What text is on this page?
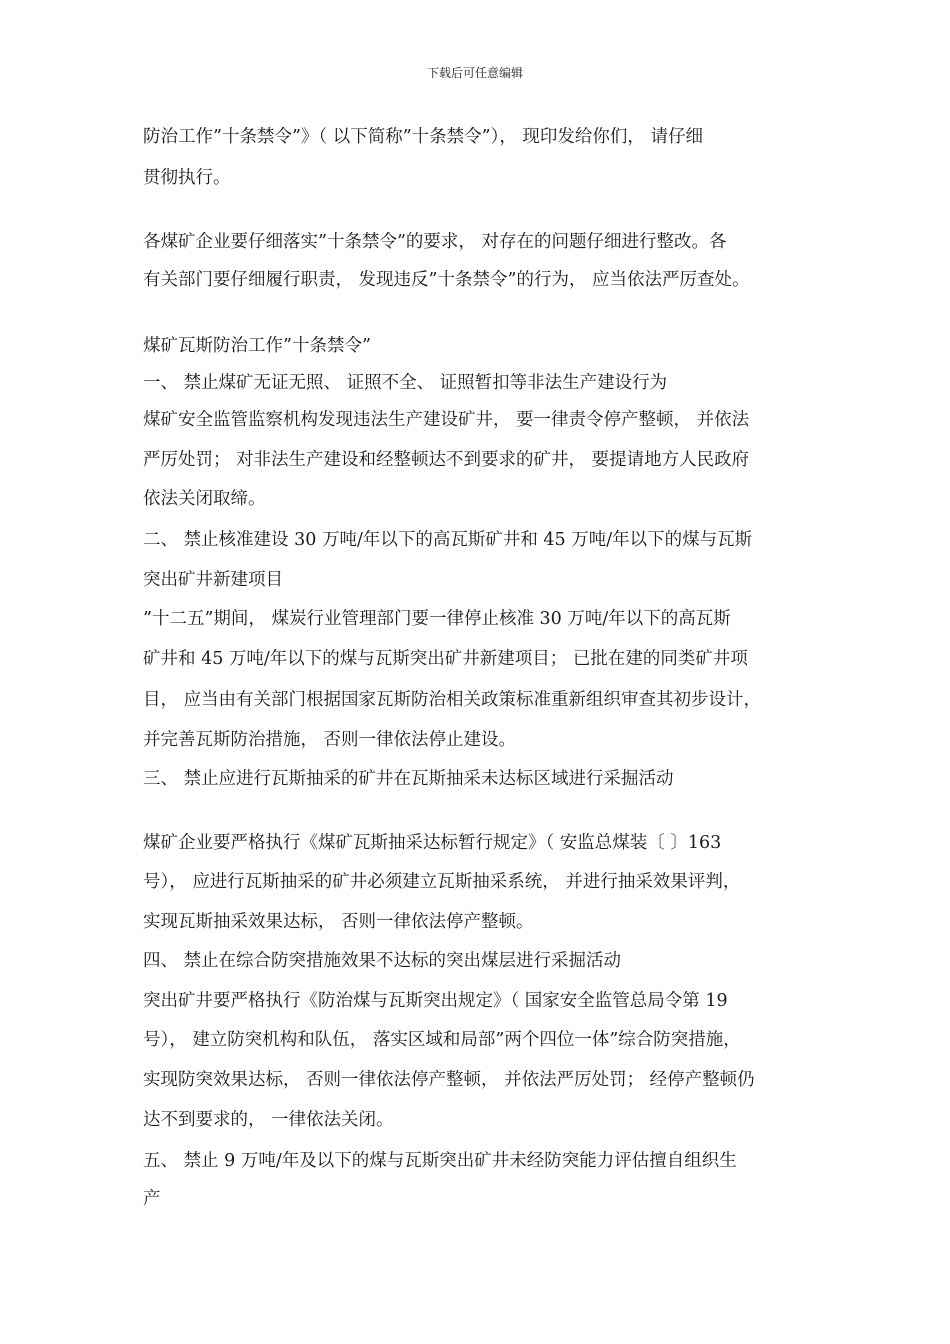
下载后可任意编辑
防治工作”十条禁令”》（ 以下简称”十条禁令”）， 现印发给你们， 请仔细
贯彻执行。
各煤矿企业要仔细落实”十条禁令”的要求， 对存在的问题仔细进行整改。各
有关部门要仔细履行职责， 发现违反”十条禁令”的行为， 应当依法严厉查处。
煤矿瓦斯防治工作”十条禁令”
一、 禁止煤矿无证无照、 证照不全、 证照暂扣等非法生产建设行为
煤矿安全监管监察机构发现违法生产建设矿井， 要一律责令停产整顿， 并依法
严厉处罚； 对非法生产建设和经整顿达不到要求的矿井， 要提请地方人民政府
依法关闭取缔。
二、 禁止核准建设 30 万吨/年以下的高瓦斯矿井和 45 万吨/年以下的煤与瓦斯
突出矿井新建项目
”十二五”期间， 煤炭行业管理部门要一律停止核准 30 万吨/年以下的高瓦斯
矿井和 45 万吨/年以下的煤与瓦斯突出矿井新建项目； 已批在建的同类矿井项
目， 应当由有关部门根据国家瓦斯防治相关政策标准重新组织审查其初步设计，
并完善瓦斯防治措施， 否则一律依法停止建设。
三、 禁止应进行瓦斯抽采的矿井在瓦斯抽采未达标区域进行采掘活动
煤矿企业要严格执行《煤矿瓦斯抽采达标暂行规定》（ 安监总煤装〔 〕163
号）， 应进行瓦斯抽采的矿井必须建立瓦斯抽采系统， 并进行抽采效果评判，
实现瓦斯抽采效果达标， 否则一律依法停产整顿。
四、 禁止在综合防突措施效果不达标的突出煤层进行采掘活动
突出矿井要严格执行《防治煤与瓦斯突出规定》（ 国家安全监管总局令第 19
号）， 建立防突机构和队伍， 落实区域和局部”两个四位一体”综合防突措施，
实现防突效果达标， 否则一律依法停产整顿， 并依法严厉处罚； 经停产整顿仍
达不到要求的， 一律依法关闭。
五、 禁止 9 万吨/年及以下的煤与瓦斯突出矿井未经防突能力评估擅自组织生
产
